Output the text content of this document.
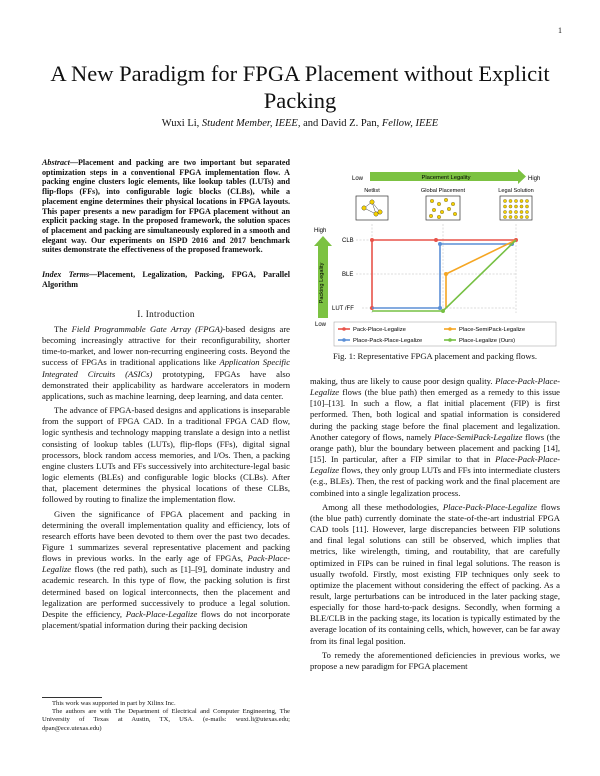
1
A New Paradigm for FPGA Placement without Explicit Packing
Wuxi Li, Student Member, IEEE, and David Z. Pan, Fellow, IEEE
Abstract—Placement and packing are two important but separated optimization steps in a conventional FPGA implementation flow. A packing engine clusters logic elements, like lookup tables (LUTs) and flip-flops (FFs), into configurable logic blocks (CLBs), while a placement engine determines their physical locations in FPGA layouts. This paper presents a new paradigm for FPGA placement without an explicit packing stage. In the proposed framework, the solution spaces of placement and packing are simultaneously explored in a smooth and elegant way. Our experiments on ISPD 2016 and 2017 benchmark suites demonstrate the effectiveness of the proposed framework.
Index Terms—Placement, Legalization, Packing, FPGA, Parallel Algorithm
I. Introduction

The Field Programmable Gate Array (FPGA)-based designs are becoming increasingly attractive for their reconfigurability, shorter time-to-market, and lower non-recurring engineering costs. Beyond the success of FPGAs in traditional applications like Application Specific Integrated Circuits (ASICs) prototyping, FPGAs have also demonstrated their applicability as hardware accelerators in modern applications, such as machine learning, deep learning, and data center.

The advance of FPGA-based designs and applications is inseparable from the support of FPGA CAD. In a traditional FPGA CAD flow, logic synthesis and technology mapping translate a design into a netlist consisting of lookup tables (LUTs), flip-flops (FFs), digital signal processors, block random access memories, and I/Os. Then, a packing engine clusters LUTs and FFs successively into architecture-legal basic logic elements (BLEs) and configurable logic blocks (CLBs). After that, placement determines the physical locations of these CLBs, followed by routing to finalize the implementation flow.

Given the significance of FPGA placement and packing in determining the overall implementation quality and efficiency, lots of research efforts have been devoted to them over the past two decades. Figure 1 summarizes several representative placement and packing flows in previous works. In the early age of FPGAs, Pack-Place-Legalize flows (the red path), such as [1]–[9], dominate industry and academic research. In this type of flow, the packing solution is first determined based on logical interconnects, then the placement and legalization are performed successively to produce a legal solution. Despite the efficiency, Pack-Place-Legalize flows do not incorporate placement/spatial information during their packing decision

This work was supported in part by Xilinx Inc.

The authors are with The Department of Electrical and Computer Engineering, The University of Texas at Austin, TX, USA. (e-mails: wuxi.li@utexas.edu; dpan@ece.utexas.edu)

Low	Placement Legality	High
Netlist	Global Placement	Legal Solution
High
Packing Legality
Low
CLB
BLE
LUT /FF
Pack-Place-Legalize	Place-SemiPack-Legalize
Place-Pack-Place-Legalize	Place-Legalize (Ours)
Fig. 1: Representative FPGA placement and packing flows.

making, thus are likely to cause poor design quality. Place-Pack-Place-Legalize flows (the blue path) then emerged as a remedy to this issue [10]–[13]. In such a flow, a flat initial placement (FIP) is first performed. Then, both logical and spatial information is considered during the packing stage before the final placement and legalization. Another category of flows, namely Place-SemiPack-Legalize flows (the orange path), blur the boundary between placement and packing [14], [15]. In particular, after a FIP similar to that in Place-Pack-Place-Legalize flows, they only group LUTs and FFs into intermediate clusters (e.g., BLEs). Then, the rest of packing work and the final placement are combined into a single legalization process.

Among all these methodologies, Place-Pack-Place-Legalize flows (the blue path) currently dominate the state-of-the-art industrial FPGA CAD tools [11]. However, large discrepancies between FIP solutions and final legal solutions can still be observed, which implies that metrics, like wirelength, timing, and routability, that are carefully optimized in FIPs can be ruined in final legal solutions. The reason is usually twofold. Firstly, most existing FIP techniques only seek to optimize the placement without considering the effect of packing. As a result, large perturbations can be introduced in the later packing stage, especially for those hard-to-pack designs. Secondly, when forming a BLE/CLB in the packing stage, its location is typically estimated by the average location of its containing cells, which, however, can be far away from its final legal position.

To remedy the aforementioned deficiencies in previous works, we propose a new paradigm for FPGA placement
